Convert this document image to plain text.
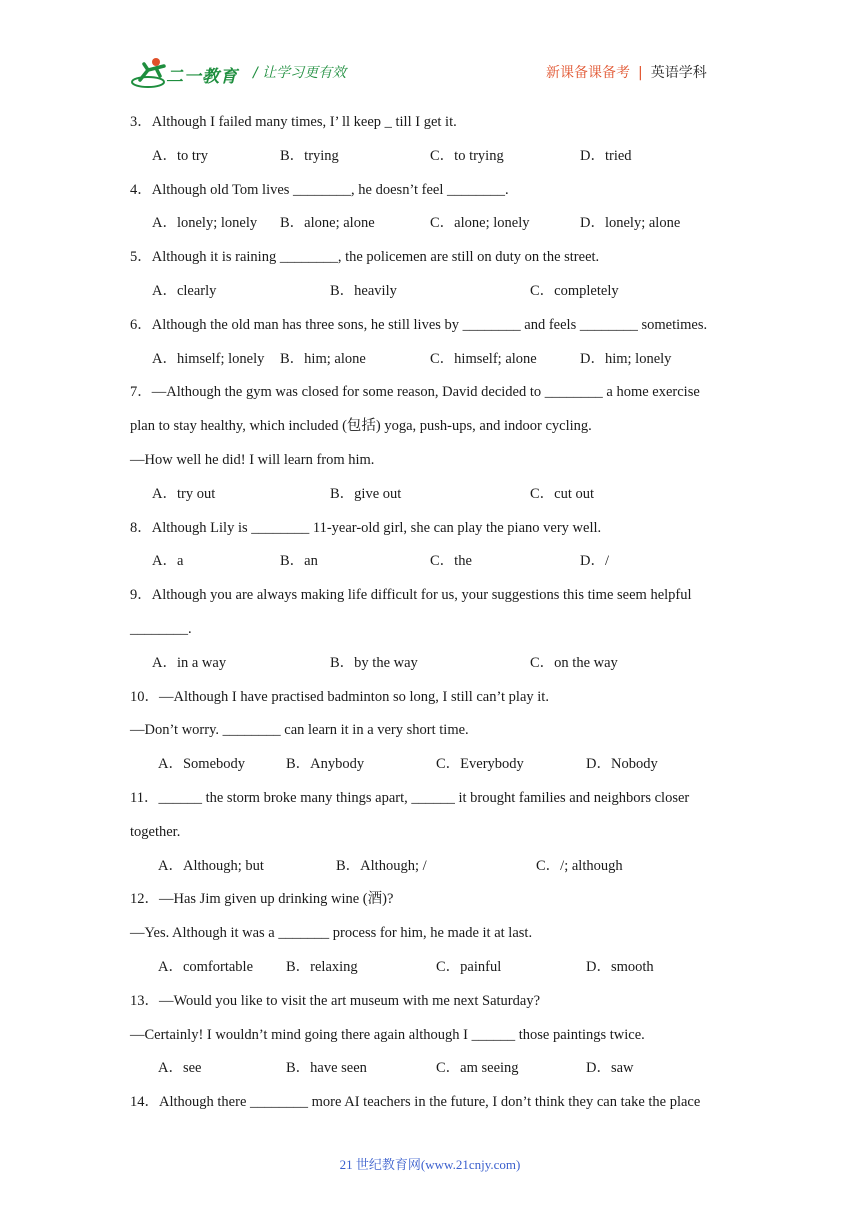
二一教育 / 让学习更有效	新课备课备考 | 英语学科
3．Although I failed many times, I’ ll keep _ till I get it.
A．to try	B．trying	C．to trying	D．tried
4．Although old Tom lives ________, he doesn’t feel ________.
A．lonely; lonely B．alone; alone	C．alone; lonely	D．lonely; alone
5．Although it is raining ________, the policemen are still on duty on the street.
A．clearly	B．heavily	C．completely
6．Although the old man has three sons, he still lives by ________ and feels ________ sometimes.
A．himself; lonely B．him; alone	C．himself; alone	D．him; lonely
7．—Although the gym was closed for some reason, David decided to ________ a home exercise
plan to stay healthy, which included (包括) yoga, push-ups, and indoor cycling.
—How well he did! I will learn from him.
A．try out	B．give out	C．cut out
8．Although Lily is ________ 11-year-old girl, she can play the piano very well.
A．a	B．an	C．the	D．/
9．Although you are always making life difficult for us, your suggestions this time seem helpful
________.
A．in a way	B．by the way	C．on the way
10．—Although I have practised badminton so long, I still can’t play it.
—Don’t worry. ________ can learn it in a very short time.
A．Somebody	B．Anybody	C．Everybody	D．Nobody
11．______ the storm broke many things apart, ______ it brought families and neighbors closer
together.
A．Although; but	B．Although; /	C．/; although
12．—Has Jim given up drinking wine (酒)?
—Yes. Although it was a _______ process for him, he made it at last.
A．comfortable B．relaxing	C．painful	D．smooth
13．—Would you like to visit the art museum with me next Saturday?
—Certainly! I wouldn’t mind going there again although I ______ those paintings twice.
A．see	B．have seen	C．am seeing	D．saw
14．Although there ________ more AI teachers in the future, I don’t think they can take the place
21 世纪教育网(www.21cnjy.com)
